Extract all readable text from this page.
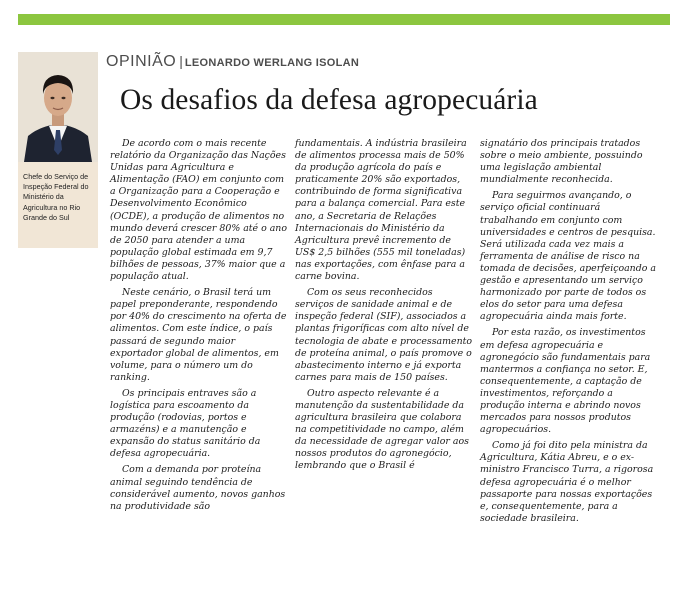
Chefe do Serviço de Inspeção Federal do Ministério da Agricultura no Rio Grande do Sul
OPINIÃO | LEONARDO WERLANG ISOLAN
Os desafios da defesa agropecuária

De acordo com o mais recente relatório da Organização das Nações Unidas para Agricultura e Alimentação (FAO) em conjunto com a Organização para a Cooperação e Desenvolvimento Econômico (OCDE), a produção de alimentos no mundo deverá crescer 80% até o ano de 2050 para atender a uma população global estimada em 9,7 bilhões de pessoas, 37% maior que a população atual.

Neste cenário, o Brasil terá um papel preponderante, respondendo por 40% do crescimento na oferta de alimentos. Com este índice, o país passará de segundo maior exportador global de alimentos, em volume, para o número um do ranking.

Os principais entraves são a logística para escoamento da produção (rodovias, portos e armazéns) e a manutenção e expansão do status sanitário da defesa agropecuária.

Com a demanda por proteína animal seguindo tendência de considerável aumento, novos ganhos na produtividade são

fundamentais. A indústria brasileira de alimentos processa mais de 50% da produção agrícola do país e praticamente 20% são exportados, contribuindo de forma significativa para a balança comercial. Para este ano, a Secretaria de Relações Internacionais do Ministério da Agricultura prevê incremento de US$ 2,5 bilhões (555 mil toneladas) nas exportações, com ênfase para a carne bovina.

Com os seus reconhecidos serviços de sanidade animal e de inspeção federal (SIF), associados a plantas frigoríficas com alto nível de tecnologia de abate e processamento de proteína animal, o país promove o abastecimento interno e já exporta carnes para mais de 150 países.

Outro aspecto relevante é a manutenção da sustentabilidade da agricultura brasileira que colabora na competitividade no campo, além da necessidade de agregar valor aos nossos produtos do agronegócio, lembrando que o Brasil é

signatário dos principais tratados sobre o meio ambiente, possuindo uma legislação ambiental mundialmente reconhecida.

Para seguirmos avançando, o serviço oficial continuará trabalhando em conjunto com universidades e centros de pesquisa. Será utilizada cada vez mais a ferramenta de análise de risco na tomada de decisões, aperfeiçoando a gestão e apresentando um serviço harmonizado por parte de todos os elos do setor para uma defesa agropecuária ainda mais forte.

Por esta razão, os investimentos em defesa agropecuária e agronegócio são fundamentais para mantermos a confiança no setor. E, consequentemente, a captação de investimentos, reforçando a produção interna e abrindo novos mercados para nossos produtos agropecuários.

Como já foi dito pela ministra da Agricultura, Kátia Abreu, e o ex-ministro Francisco Turra, a rigorosa defesa agropecuária é o melhor passaporte para nossas exportações e, consequentemente, para a sociedade brasileira.
